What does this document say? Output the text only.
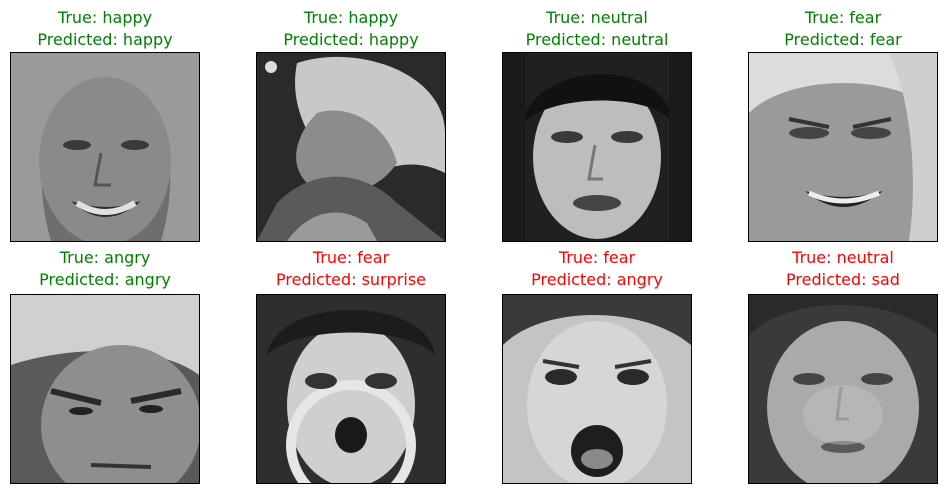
True: happy
Predicted: happy
True: happy
Predicted: happy
True: neutral
Predicted: neutral
True: fear
Predicted: fear
True: angry
Predicted: angry
True: fear
Predicted: surprise
True: fear
Predicted: angry
True: neutral
Predicted: sad
